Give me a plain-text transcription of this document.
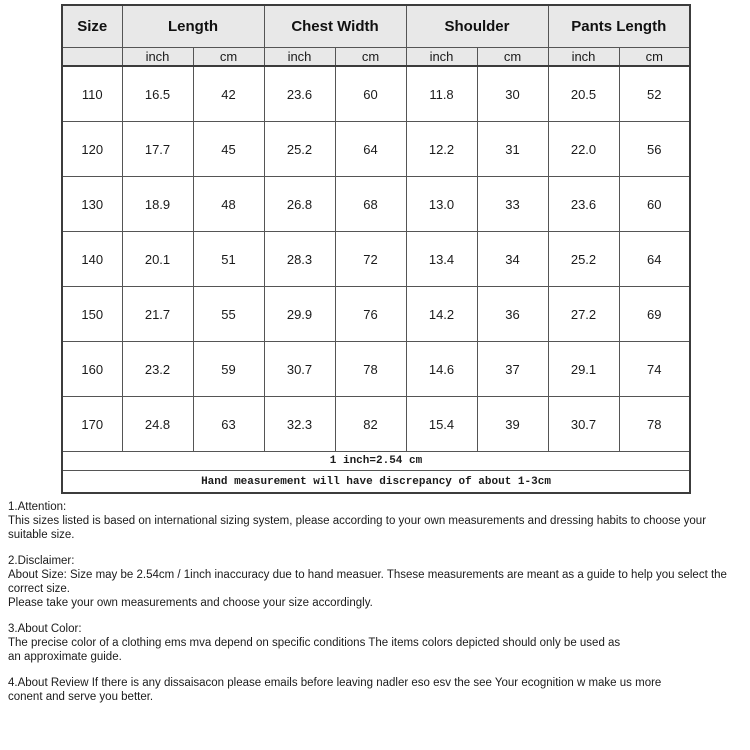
Size	Length		Chest Width		Shoulder		Pants Length	
	inch	cm	inch	cm	inch	cm	inch	cm
110	16.5	42	23.6	60	11.8	30	20.5	52
120	17.7	45	25.2	64	12.2	31	22.0	56
130	18.9	48	26.8	68	13.0	33	23.6	60
140	20.1	51	28.3	72	13.4	34	25.2	64
150	21.7	55	29.9	76	14.2	36	27.2	69
160	23.2	59	30.7	78	14.6	37	29.1	74
170	24.8	63	32.3	82	15.4	39	30.7	78
1 inch=2.54 cm								
Hand measurement will have discrepancy of about 1-3cm								
1.Attention:
This sizes listed is based on international sizing system, please according to your own measurements and dressing habits to choose your suitable size.
2.Disclaimer:
About Size: Size may be 2.54cm / 1inch inaccuracy due to hand measuer. Thsese measurements are meant as a guide to help you select the correct size.
Please take your own measurements and choose your size accordingly.
3.About Color:
The precise color of a clothing ems mva depend on specific conditions The items colors depicted should only be used as
an approximate guide.
4.About Review If there is any dissaisacon please emails before leaving nadler eso esv the see Your ecognition w make us more
conent and serve you better.
